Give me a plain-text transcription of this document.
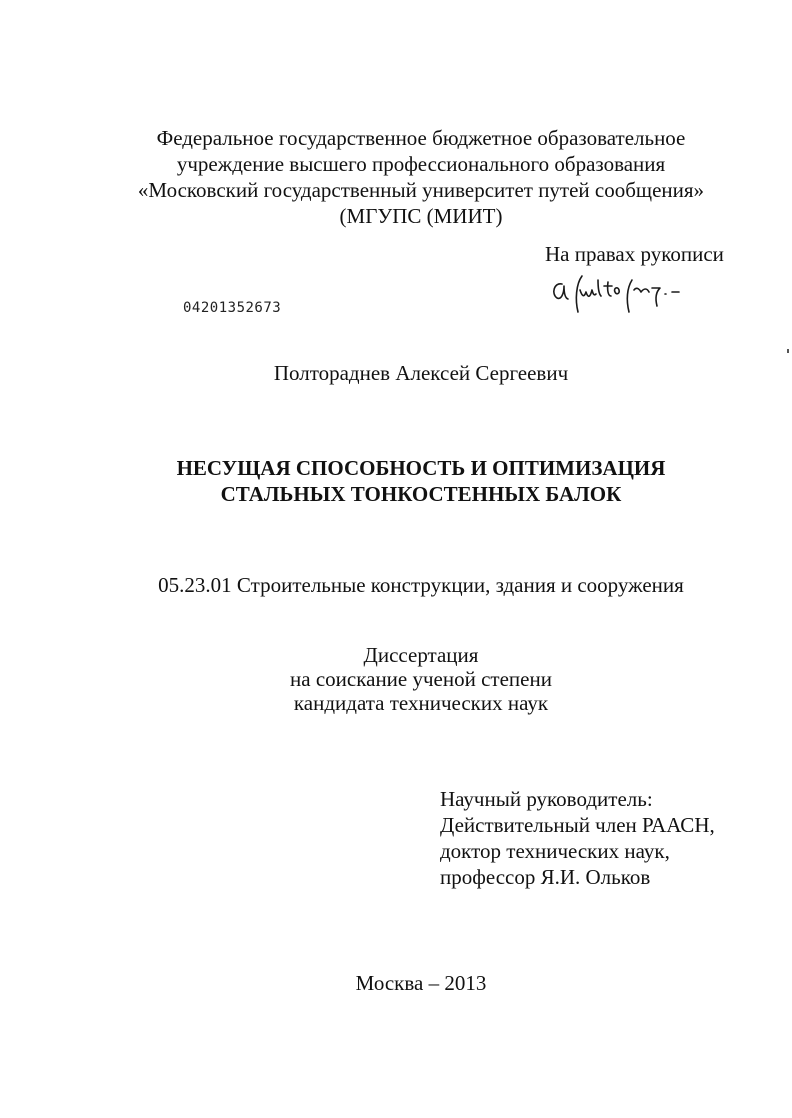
Федеральное государственное бюджетное образовательное
учреждение высшего профессионального образования
«Московский государственный университет путей сообщения»
(МГУПС (МИИТ)
На правах рукописи
04201352673
Полтораднев Алексей Сергеевич
НЕСУЩАЯ СПОСОБНОСТЬ И ОПТИМИЗАЦИЯ
СТАЛЬНЫХ ТОНКОСТЕННЫХ БАЛОК
05.23.01 Строительные конструкции, здания и сооружения
Диссертация
на соискание ученой степени
кандидата технических наук
Научный руководитель:
Действительный член РААСН,
доктор технических наук,
профессор Я.И. Ольков
Москва – 2013
